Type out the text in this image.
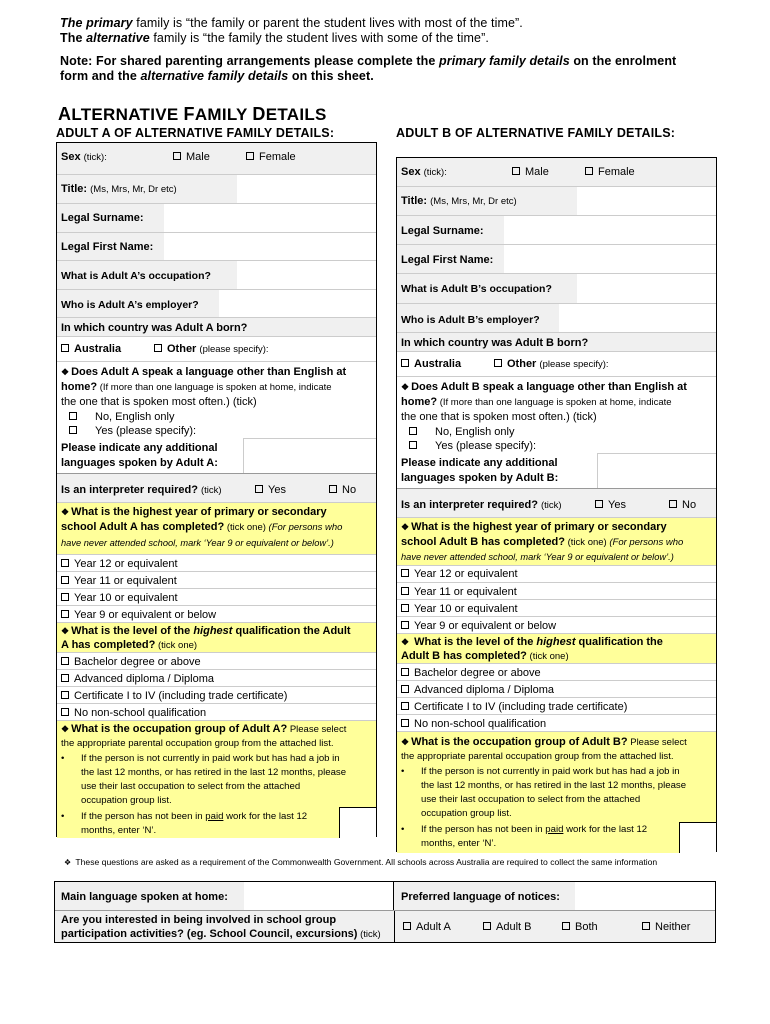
The primary family is “the family or parent the student lives with most of the time”.
The alternative family is “the family the student lives with some of the time”.
Note: For shared parenting arrangements please complete the primary family details on the enrolment
form and the alternative family details on this sheet.
ALTERNATIVE FAMILY DETAILS
ADULT A OF ALTERNATIVE FAMILY DETAILS:	ADULT B OF ALTERNATIVE FAMILY DETAILS:
Sex (tick):	Male	Female
Title: (Ms, Mrs, Mr, Dr etc)
Legal Surname:
Legal First Name:
What is Adult A’s occupation?
Who is Adult A’s employer?
In which country was Adult A born?
Australia	Other (please specify):
❖ Does Adult A speak a language other than English at
home? (If more than one language is spoken at home, indicate
the one that is spoken most often.) (tick)
No, English only
Yes (please specify):
Please indicate any additional
languages spoken by Adult A:
Is an interpreter required? (tick)	Yes	No
❖ What is the highest year of primary or secondary
school Adult A has completed? (tick one) (For persons who
have never attended school, mark ‘Year 9 or equivalent or below’.)
Year 12 or equivalent
Year 11 or equivalent
Year 10 or equivalent
Year 9 or equivalent or below
❖ What is the level of the highest qualification the Adult
A has completed? (tick one)
Bachelor degree or above
Advanced diploma / Diploma
Certificate I to IV (including trade certificate)
No non-school qualification
❖ What is the occupation group of Adult A? Please select
the appropriate parental occupation group from the attached list.
• If the person is not currently in paid work but has had a job in
the last 12 months, or has retired in the last 12 months, please
use their last occupation to select from the attached
occupation group list.
• If the person has not been in paid work for the last 12
months, enter ‘N’.
Sex (tick):	Male	Female
Title: (Ms, Mrs, Mr, Dr etc)
Legal Surname:
Legal First Name:
What is Adult B’s occupation?
Who is Adult B’s employer?
In which country was Adult B born?
Australia	Other (please specify):
❖ Does Adult B speak a language other than English at
home? (If more than one language is spoken at home, indicate
the one that is spoken most often.) (tick)
No, English only
Yes (please specify):
Please indicate any additional
languages spoken by Adult B:
Is an interpreter required? (tick)	Yes	No
❖ What is the highest year of primary or secondary
school Adult B has completed? (tick one) (For persons who
have never attended school, mark ‘Year 9 or equivalent or below’.)
Year 12 or equivalent
Year 11 or equivalent
Year 10 or equivalent
Year 9 or equivalent or below
❖ What is the level of the highest qualification the
Adult B has completed? (tick one)
Bachelor degree or above
Advanced diploma / Diploma
Certificate I to IV (including trade certificate)
No non-school qualification
❖ What is the occupation group of Adult B? Please select
the appropriate parental occupation group from the attached list.
• If the person is not currently in paid work but has had a job in
the last 12 months, or has retired in the last 12 months, please
use their last occupation to select from the attached
occupation group list.
• If the person has not been in paid work for the last 12
months, enter ‘N’.
❖ These questions are asked as a requirement of the Commonwealth Government. All schools across Australia are required to collect the same information
Main language spoken at home:	Preferred language of notices:
Are you interested in being involved in school group
participation activities? (eg. School Council, excursions) (tick)
Adult A	Adult B	Both	Neither
